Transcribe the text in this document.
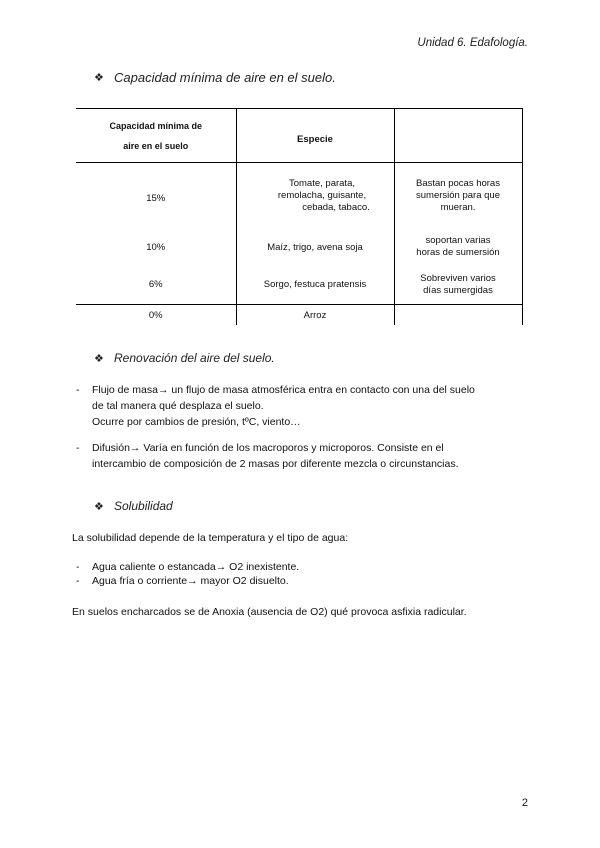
Unidad 6. Edafología.
❖ Capacidad mínima de aire en el suelo.
Capacidad mínima de
aire en el suelo	Especie	
15%	Tomate, parata,
remolacha, guisante,
cebada, tabaco.	Bastan pocas horas
sumersión para que
mueran.
10%	Maíz, trigo, avena soja	soportan varias
horas de sumersión
6%	Sorgo, festuca pratensis	Sobreviven varios
días sumergidas
0%	Arroz	
❖ Renovación del aire del suelo.
- Flujo de masa→ un flujo de masa atmosférica entra en contacto con una del suelo
de tal manera qué desplaza el suelo.
Ocurre por cambios de presión, tºC, viento…
- Difusión→ Varía en función de los macroporos y microporos. Consiste en el
intercambio de composición de 2 masas por diferente mezcla o circunstancias.
❖ Solubilidad
La solubilidad depende de la temperatura y el tipo de agua:
- Agua caliente o estancada→ O2 inexistente.
- Agua fría o corriente→ mayor O2 disuelto.
En suelos encharcados se de Anoxia (ausencia de O2) qué provoca asfixia radicular.
2
